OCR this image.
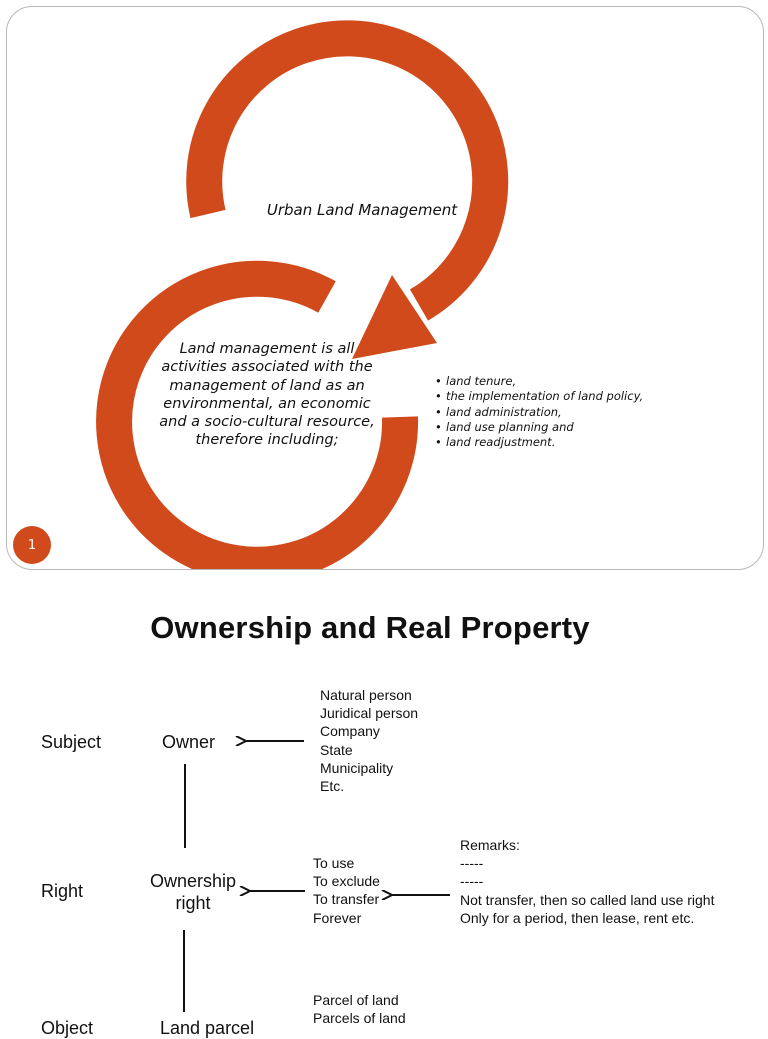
Urban Land Management
Land management is all activities associated with the management of land as an environmental, an economic and a socio-cultural resource, therefore including;
• land tenure,
• the implementation of land policy,
• land administration,
• land use planning and
• land readjustment.
1
Ownership and Real Property
Subject	Owner
Natural person
Juridical person
Company
State
Municipality
Etc.
Right	Ownership right
To use
To exclude
To transfer
Forever
Remarks:
-----
-----
Not transfer, then so called land use right
Only for a period, then lease, rent etc.
Object	Land parcel
Parcel of land
Parcels of land
